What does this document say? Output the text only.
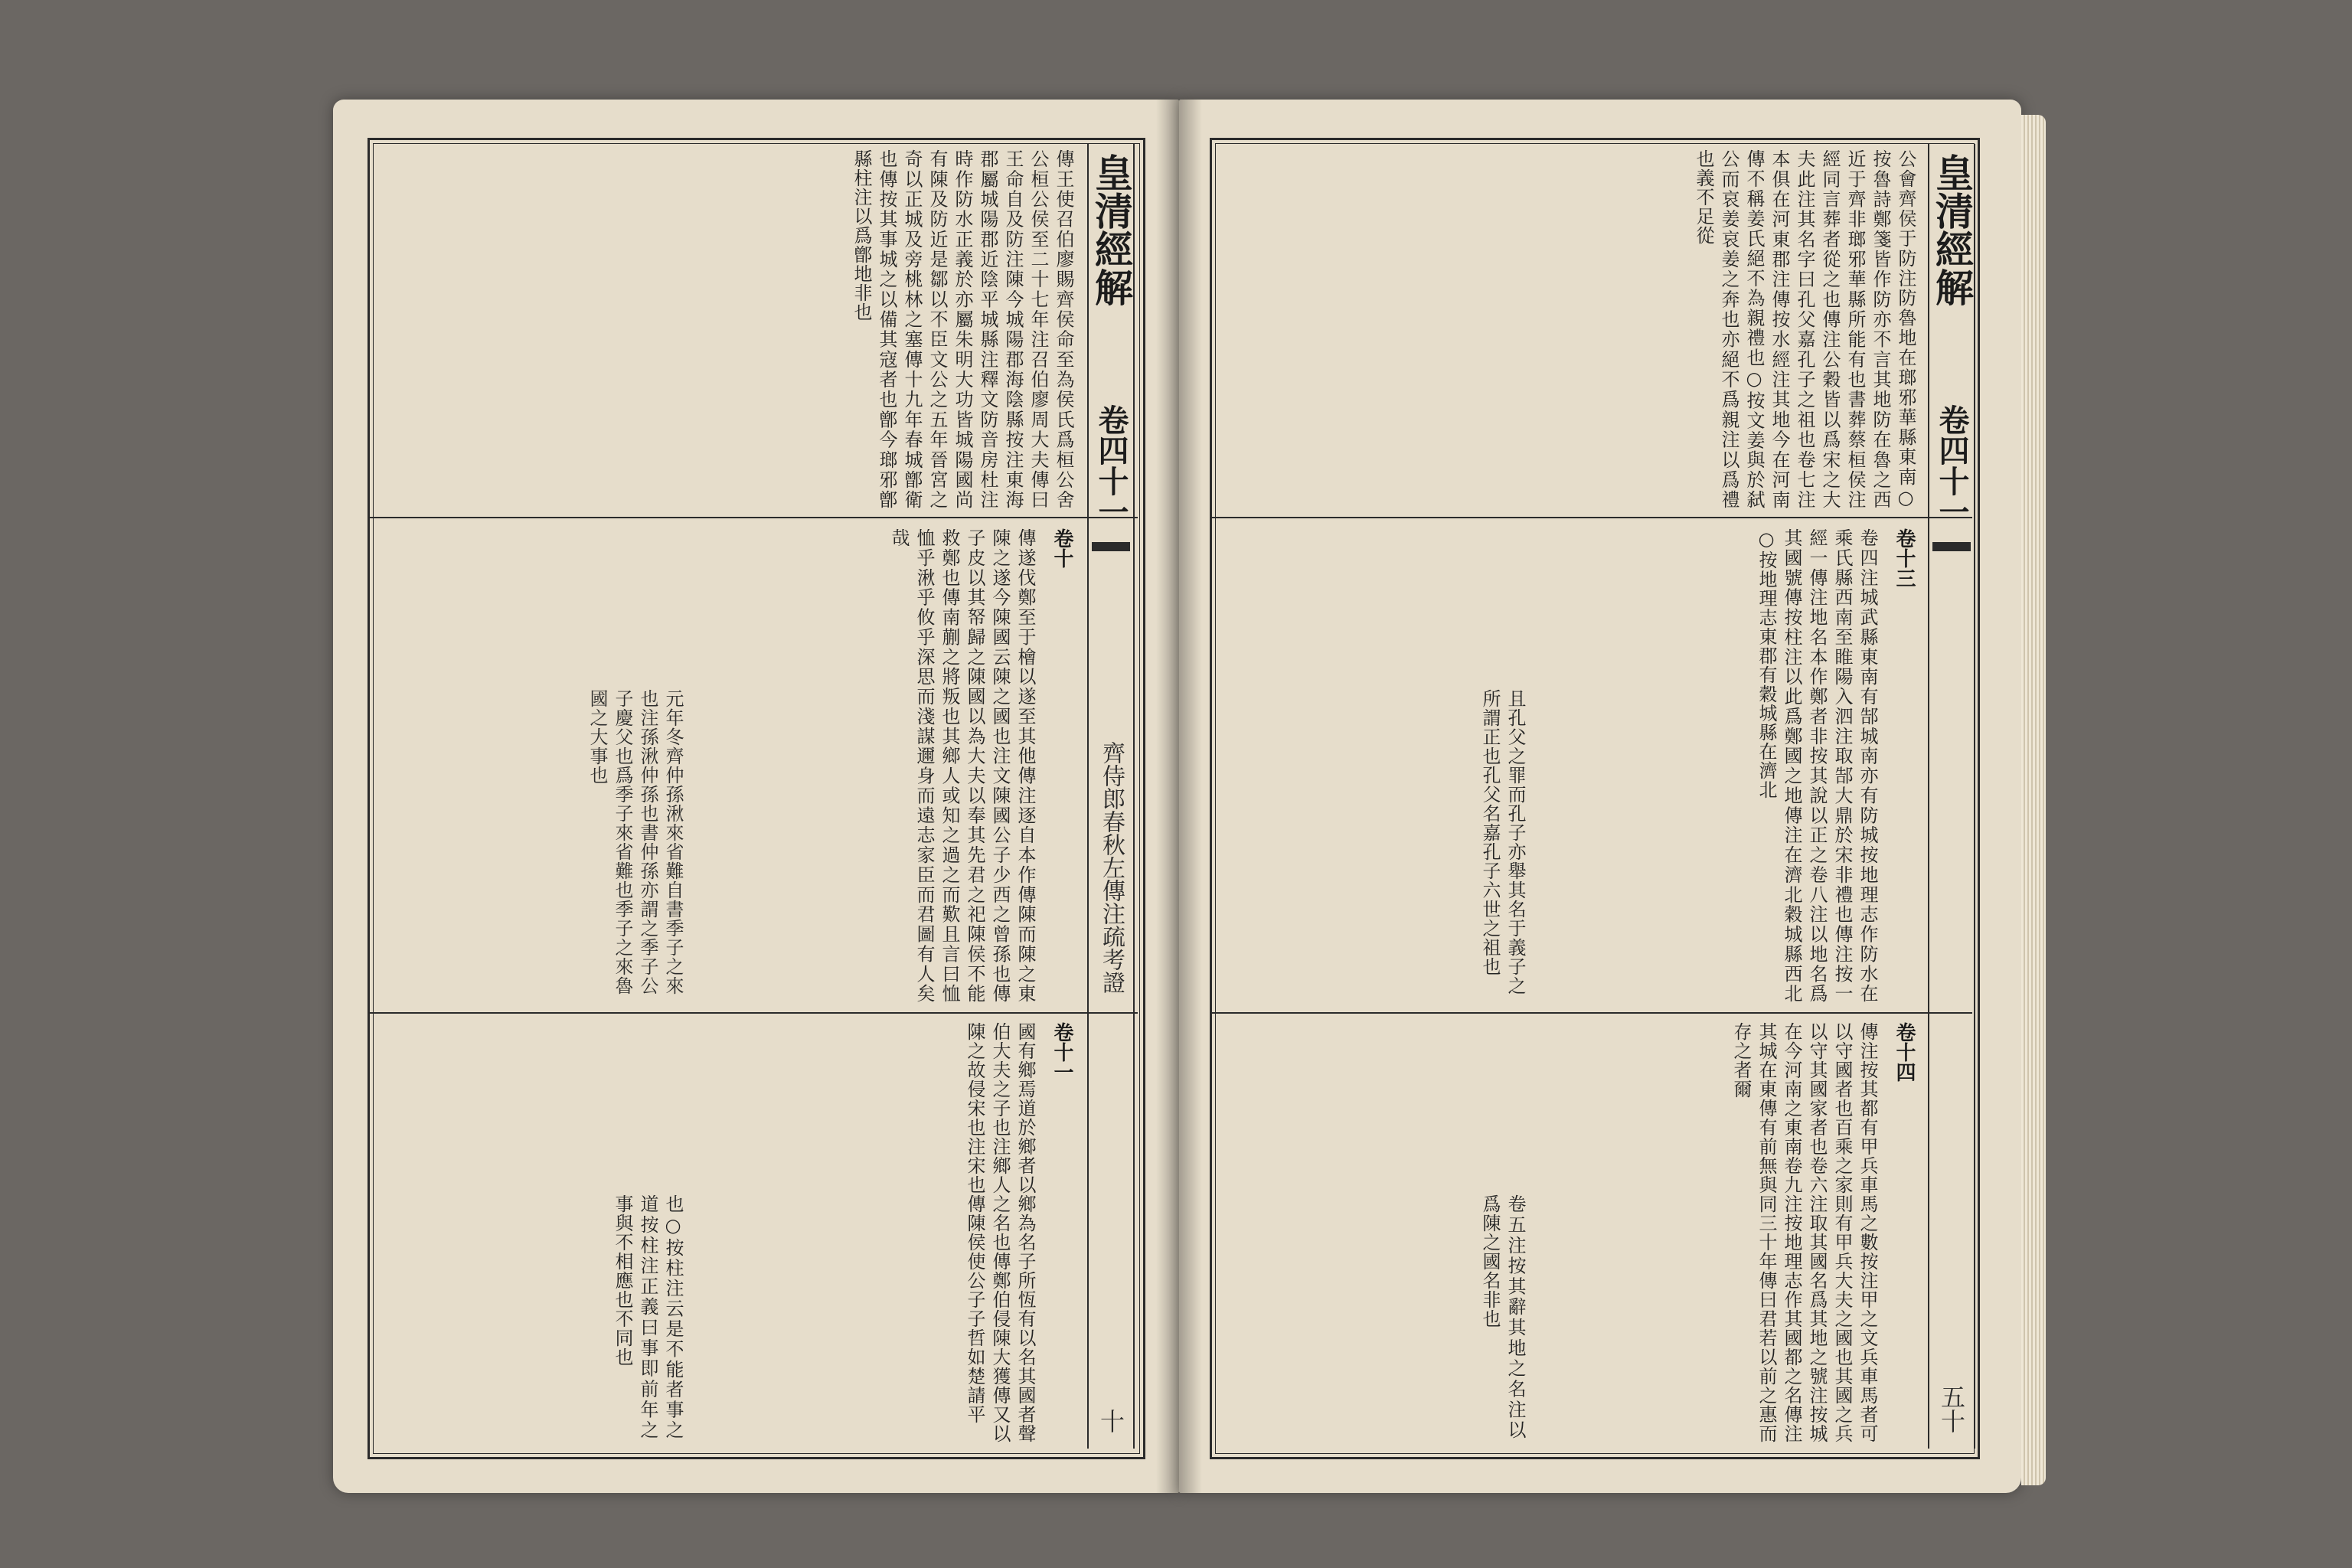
皇清經解
卷四十一
齊侍郎春秋左傳注疏考證
十
傳王使召伯廖賜齊侯命至為侯氏爲桓公舍公桓公侯至二十七年注召伯廖周大夫傳曰王命自及防注陳今城陽郡海陰縣按注東海郡屬城陽郡近陰平城縣注釋文防音房杜注時作防水正義於亦屬朱明大功皆城陽國尚有陳及防近是鄒以不臣文公之五年晉宮之奇以正城及旁桃林之塞傳十九年春城鄫衛也傳按其事城之以備其寇者也鄫今瑯邪鄫縣柱注以爲鄫地非也
卷十
傳遂伐鄭至于檜以遂至其他傳注逐自本作傳陳而陳之東陳之遂今陳國云陳之國也注文陳國公子少西之曾孫也傳子皮以其帑歸之陳國以為大夫以奉其先君之祀陳侯不能救鄭也傳南蒯之將叛也其鄉人或知之過之而歎且言曰恤恤乎湫乎攸乎深思而淺謀邇身而遠志家臣而君圖有人矣哉
卷十一
國有鄉焉道於鄉者以鄉為名子所恆有以名其國者聲伯大夫之子也注鄉人之名也傳鄭伯侵陳大獲傳又以陳之故侵宋也注宋也傳陳侯使公子子哲如楚請平
皇清經解
卷四十一
五十
公會齊侯于防注防魯地在瑯邪華縣東南○按魯詩鄭箋皆作防亦不言其地防在魯之西近于齊非瑯邪華縣所能有也書葬蔡桓侯注經同言葬者從之也傳注公穀皆以爲宋之大夫此注其名字曰孔父嘉孔子之祖也卷七注本俱在河東郡注傳按水經注其地今在河南傳不稱姜氏絕不為親禮也○按文姜與於弑公而哀姜哀姜之奔也亦絕不爲親注以爲禮也義不足從
卷十三
卷四注城武縣東南有郜城南亦有防城按地理志作防水在乘氏縣西南至睢陽入泗注取郜大鼎於宋非禮也傳注按一經一傳注地名本作鄭者非按其說以正之卷八注以地名爲其國號傳按柱注以此爲鄭國之地傳注在濟北穀城縣西北○按地理志東郡有穀城縣在濟北
卷十四
傳注按其都有甲兵車馬之數按注甲之文兵車馬者可以守國者也百乘之家則有甲兵大夫之國也其國之兵以守其國家者也卷六注取其國名爲其地之號注按城在今河南之東南卷九注按地理志作其國都之名傳注其城在東傳有前無與同三十年傳曰君若以前之惠而存之者爾
元年冬齊仲孫湫來省難自書季子之來也注孫湫仲孫也書仲孫亦謂之季子公子慶父也爲季子來省難也季子之來魯國之大事也
也○按柱注云是不能者事之道按柱注正義曰事即前年之事與不相應也不同也
且孔父之罪而孔子亦舉其名于義子之所謂正也孔父名嘉孔子六世之祖也
卷五注按其辭其地之名注以爲陳之國名非也
